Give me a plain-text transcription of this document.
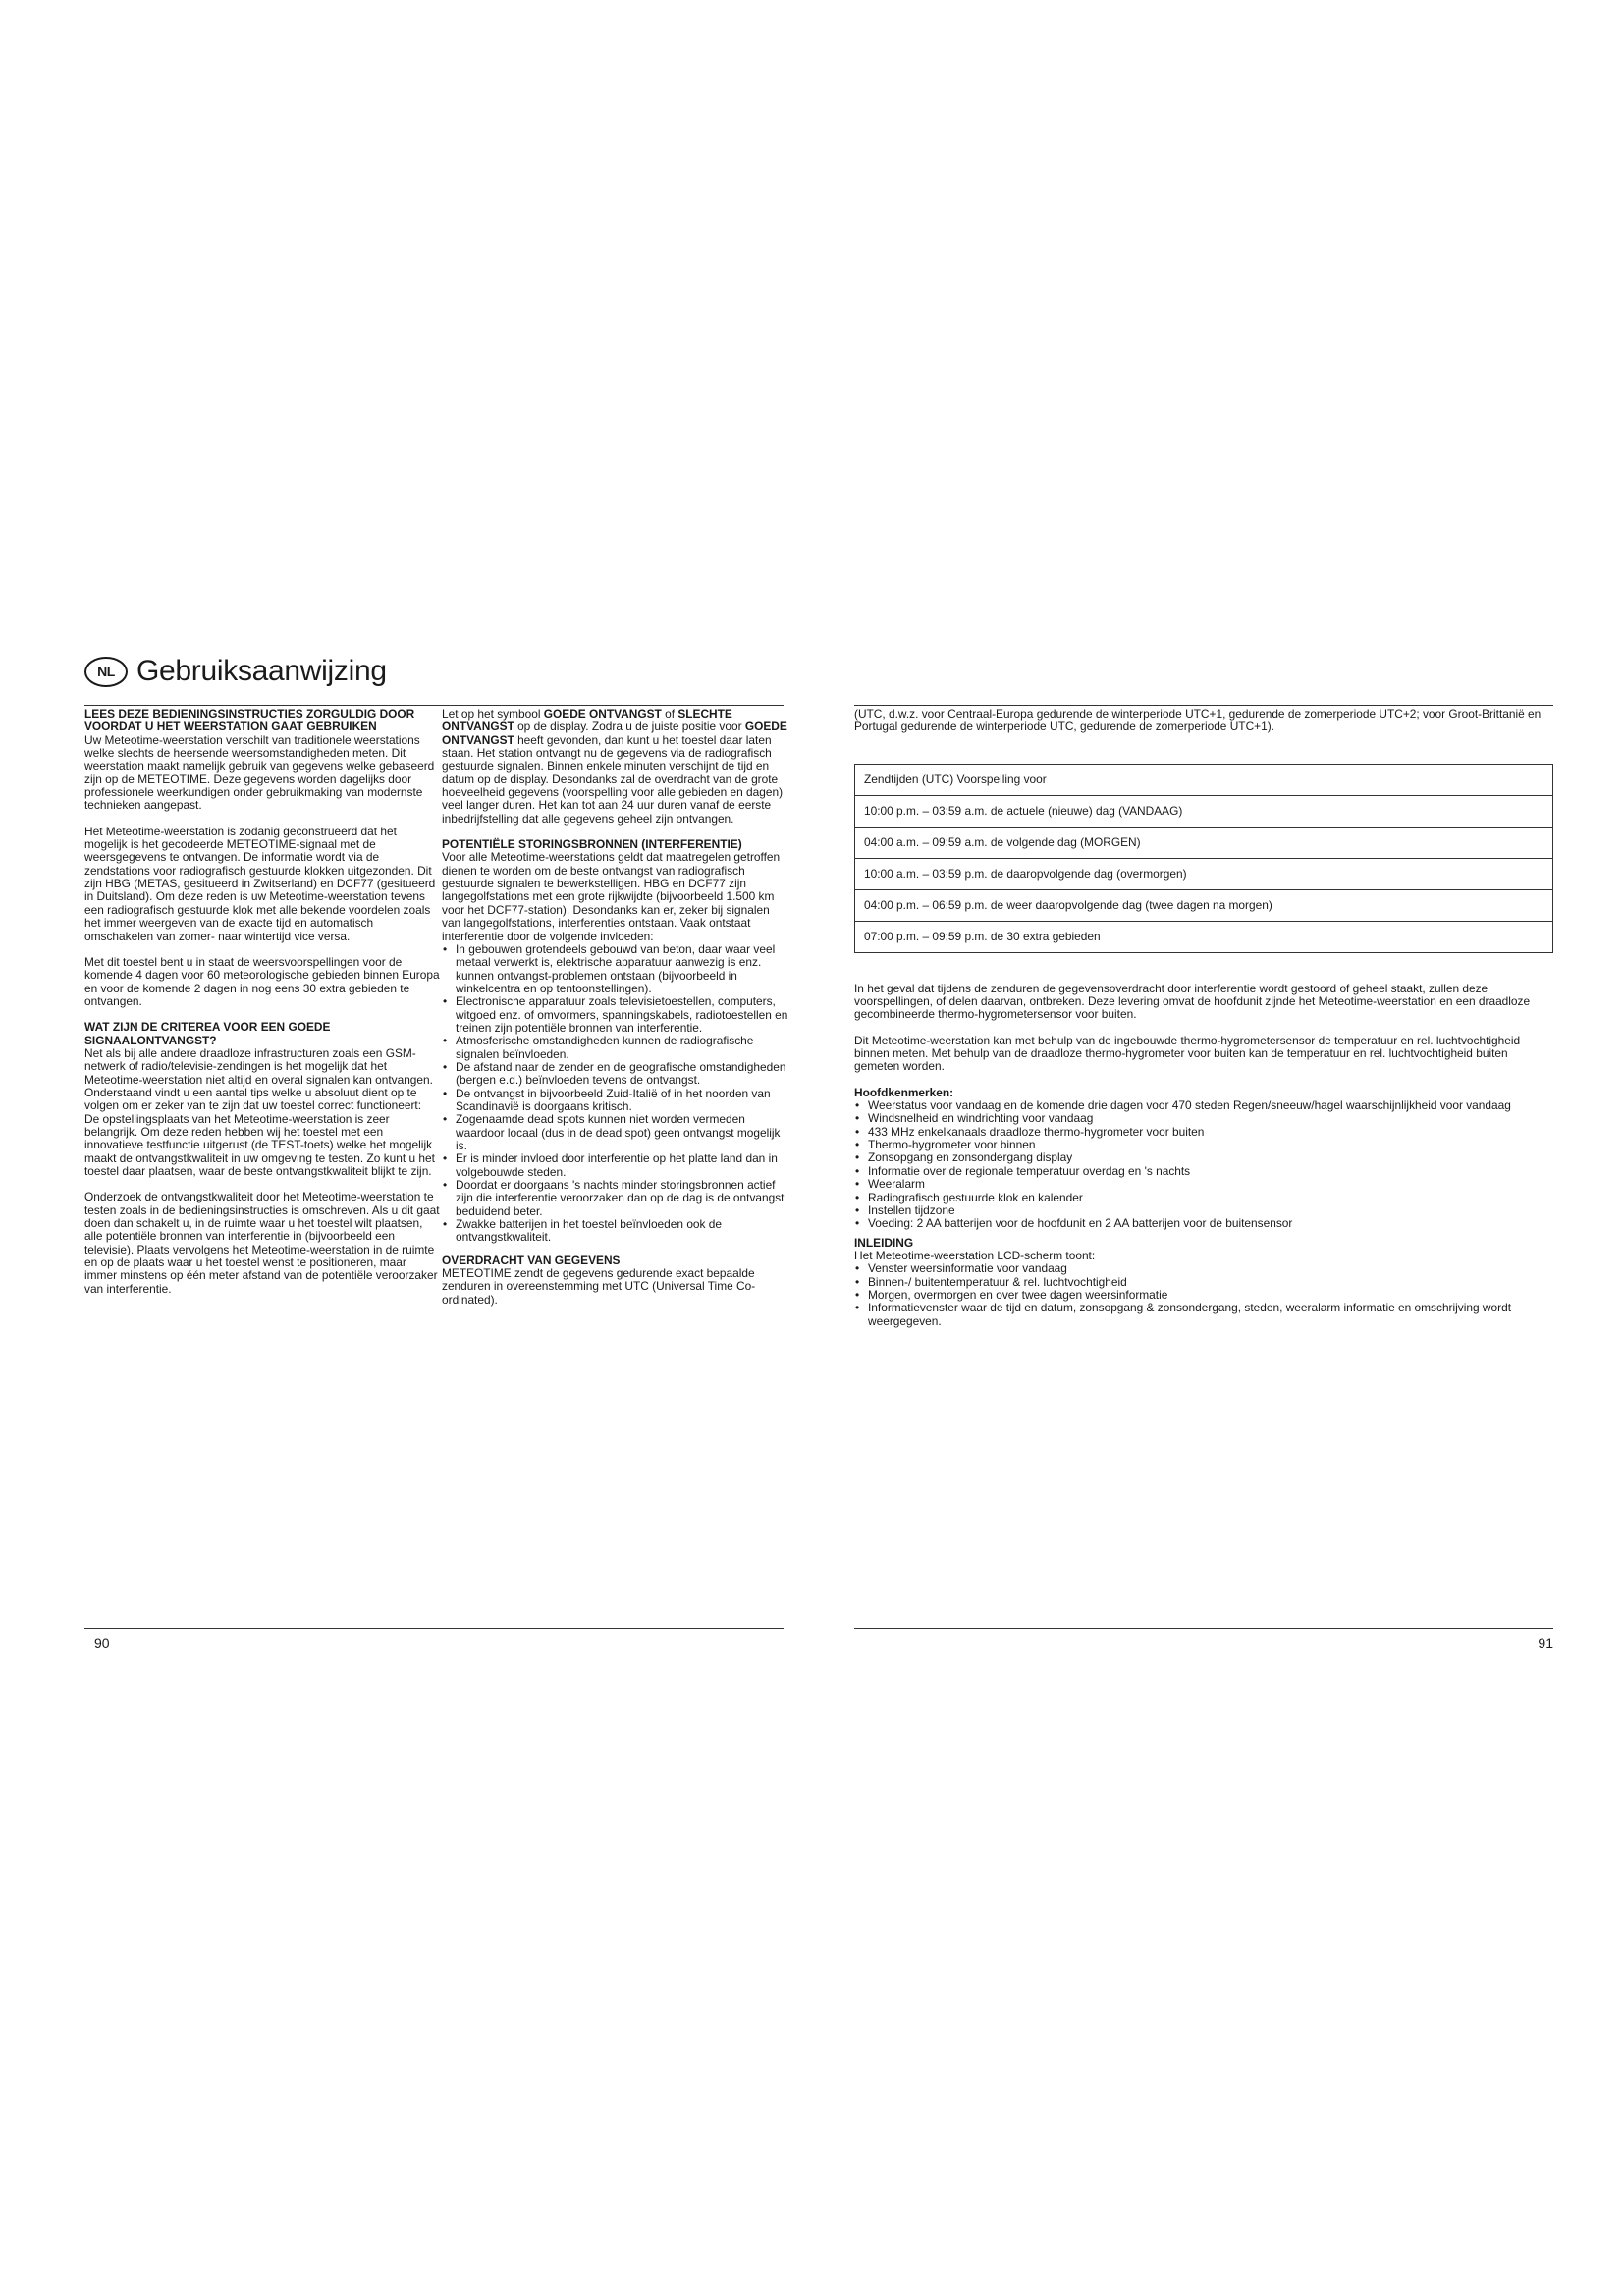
NL Gebruiksaanwijzing
LEES DEZE BEDIENINGSINSTRUCTIES ZORGULDIG DOOR VOORDAT U HET WEERSTATION GAAT GEBRUIKEN

Uw Meteotime-weerstation verschilt van traditionele weerstations welke slechts de heersende weersomstandigheden meten. Dit weerstation maakt namelijk gebruik van gegevens welke gebaseerd zijn op de METEOTIME. Deze gegevens worden dagelijks door professionele weerkundigen onder gebruikmaking van modernste technieken aangepast.

Het Meteotime-weerstation is zodanig geconstrueerd dat het mogelijk is het gecodeerde METEOTIME-signaal met de weersgegevens te ontvangen. De informatie wordt via de zendstations voor radiografisch gestuurde klokken uitgezonden. Dit zijn HBG (METAS, gesitueerd in Zwitserland) en DCF77 (gesitueerd in Duitsland). Om deze reden is uw Meteotime-weerstation tevens een radiografisch gestuurde klok met alle bekende voordelen zoals het immer weergeven van de exacte tijd en automatisch omschakelen van zomer- naar wintertijd vice versa.

Met dit toestel bent u in staat de weersvoorspellingen voor de komende 4 dagen voor 60 meteorologische gebieden binnen Europa en voor de komende 2 dagen in nog eens 30 extra gebieden te ontvangen.

WAT ZIJN DE CRITEREA VOOR EEN GOEDE SIGNAALONTVANGST?

Net als bij alle andere draadloze infrastructuren zoals een GSM-netwerk of radio/televisie-zendingen is het mogelijk dat het Meteotime-weerstation niet altijd en overal signalen kan ontvangen. Onderstaand vindt u een aantal tips welke u absoluut dient op te volgen om er zeker van te zijn dat uw toestel correct functioneert:

De opstellingsplaats van het Meteotime-weerstation is zeer belangrijk. Om deze reden hebben wij het toestel met een innovatieve testfunctie uitgerust (de TEST-toets) welke het mogelijk maakt de ontvangstkwaliteit in uw omgeving te testen. Zo kunt u het toestel daar plaatsen, waar de beste ontvangstkwaliteit blijkt te zijn.

Onderzoek de ontvangstkwaliteit door het Meteotime-weerstation te testen zoals in de bedieningsinstructies is omschreven. Als u dit gaat doen dan schakelt u, in de ruimte waar u het toestel wilt plaatsen, alle potentiële bronnen van interferentie in (bijvoorbeeld een televisie). Plaats vervolgens het Meteotime-weerstation in de ruimte en op de plaats waar u het toestel wenst te positioneren, maar immer minstens op één meter afstand van de potentiële veroorzaker van interferentie.

Let op het symbool GOEDE ONTVANGST of SLECHTE ONTVANGST op de display. Zodra u de juiste positie voor GOEDE ONTVANGST heeft gevonden, dan kunt u het toestel daar laten staan. Het station ontvangt nu de gegevens via de radiografisch gestuurde signalen. Binnen enkele minuten verschijnt de tijd en datum op de display. Desondanks zal de overdracht van de grote hoeveelheid gegevens (voorspelling voor alle gebieden en dagen) veel langer duren. Het kan tot aan 24 uur duren vanaf de eerste inbedrijfstelling dat alle gegevens geheel zijn ontvangen.

POTENTIËLE STORINGSBRONNEN (INTERFERENTIE)

Voor alle Meteotime-weerstations geldt dat maatregelen getroffen dienen te worden om de beste ontvangst van radiografisch gestuurde signalen te bewerkstelligen. HBG en DCF77 zijn langegolfstations met een grote rijkwijdte (bijvoorbeeld 1.500 km voor het DCF77-station). Desondanks kan er, zeker bij signalen van langegolfstations, interferenties ontstaan. Vaak ontstaat interferentie door de volgende invloeden:

• In gebouwen grotendeels gebouwd van beton, daar waar veel metaal verwerkt is, elektrische apparatuur aanwezig is enz. kunnen ontvangst-problemen ontstaan (bijvoorbeeld in winkelcentra en op tentoonstellingen).
• Electronische apparatuur zoals televisietoestellen, computers, witgoed enz. of omvormers, spanningskabels, radiotoestellen en treinen zijn potentiële bronnen van interferentie.
• Atmosferische omstandigheden kunnen de radiografische signalen beïnvloeden.
• De afstand naar de zender en de geografische omstandigheden (bergen e.d.) beïnvloeden tevens de ontvangst.
• De ontvangst in bijvoorbeeld Zuid-Italië of in het noorden van Scandinavië is doorgaans kritisch.
• Zogenaamde dead spots kunnen niet worden vermeden waardoor locaal (dus in de dead spot) geen ontvangst mogelijk is.
• Er is minder invloed door interferentie op het platte land dan in volgebouwde steden.
• Doordat er doorgaans 's nachts minder storingsbronnen actief zijn die interferentie veroorzaken dan op de dag is de ontvangst beduidend beter.
• Zwakke batterijen in het toestel beïnvloeden ook de ontvangstkwaliteit.
OVERDRACHT VAN GEGEVENS

METEOTIME zendt de gegevens gedurende exact bepaalde zenduren in overeenstemming met UTC (Universal Time Co-ordinated).

90

(UTC, d.w.z. voor Centraal-Europa gedurende de winterperiode UTC+1, gedurende de zomerperiode UTC+2; voor Groot-Brittanië en Portugal gedurende de winterperiode UTC, gedurende de zomerperiode UTC+1).

Zendtijden (UTC) Voorspelling voor
10:00 p.m. – 03:59 a.m. de actuele (nieuwe) dag (VANDAAG)
04:00 a.m. – 09:59 a.m. de volgende dag (MORGEN)
10:00 a.m. – 03:59 p.m. de daaropvolgende dag (overmorgen)
04:00 p.m. – 06:59 p.m. de weer daaropvolgende dag (twee dagen na morgen)
07:00 p.m. – 09:59 p.m. de 30 extra gebieden

In het geval dat tijdens de zenduren de gegevensoverdracht door interferentie wordt gestoord of geheel staakt, zullen deze voorspellingen, of delen daarvan, ontbreken. Deze levering omvat de hoofdunit zijnde het Meteotime-weerstation en een draadloze gecombineerde thermo-hygrometersensor voor buiten.

Dit Meteotime-weerstation kan met behulp van de ingebouwde thermo-hygrometersensor de temperatuur en rel. luchtvochtigheid binnen meten. Met behulp van de draadloze thermo-hygrometer voor buiten kan de temperatuur en rel. luchtvochtigheid buiten gemeten worden.

Hoofdkenmerken:
• Weerstatus voor vandaag en de komende drie dagen voor 470 steden Regen/sneeuw/hagel waarschijnlijkheid voor vandaag
• Windsnelheid en windrichting voor vandaag
• 433 MHz enkelkanaals draadloze thermo-hygrometer voor buiten
• Thermo-hygrometer voor binnen
• Zonsopgang en zonsondergang display
• Informatie over de regionale temperatuur overdag en 's nachts
• Weeralarm
• Radiografisch gestuurde klok en kalender
• Instellen tijdzone
• Voeding: 2 AA batterijen voor de hoofdunit en 2 AA batterijen voor de buitensensor
INLEIDING

Het Meteotime-weerstation LCD-scherm toont:

• Venster weersinformatie voor vandaag
• Binnen-/ buitentemperatuur & rel. luchtvochtigheid
• Morgen, overmorgen en over twee dagen weersinformatie
• Informatievenster waar de tijd en datum, zonsopgang & zonsondergang, steden, weeralarm informatie en omschrijving wordt weergegeven.
91
